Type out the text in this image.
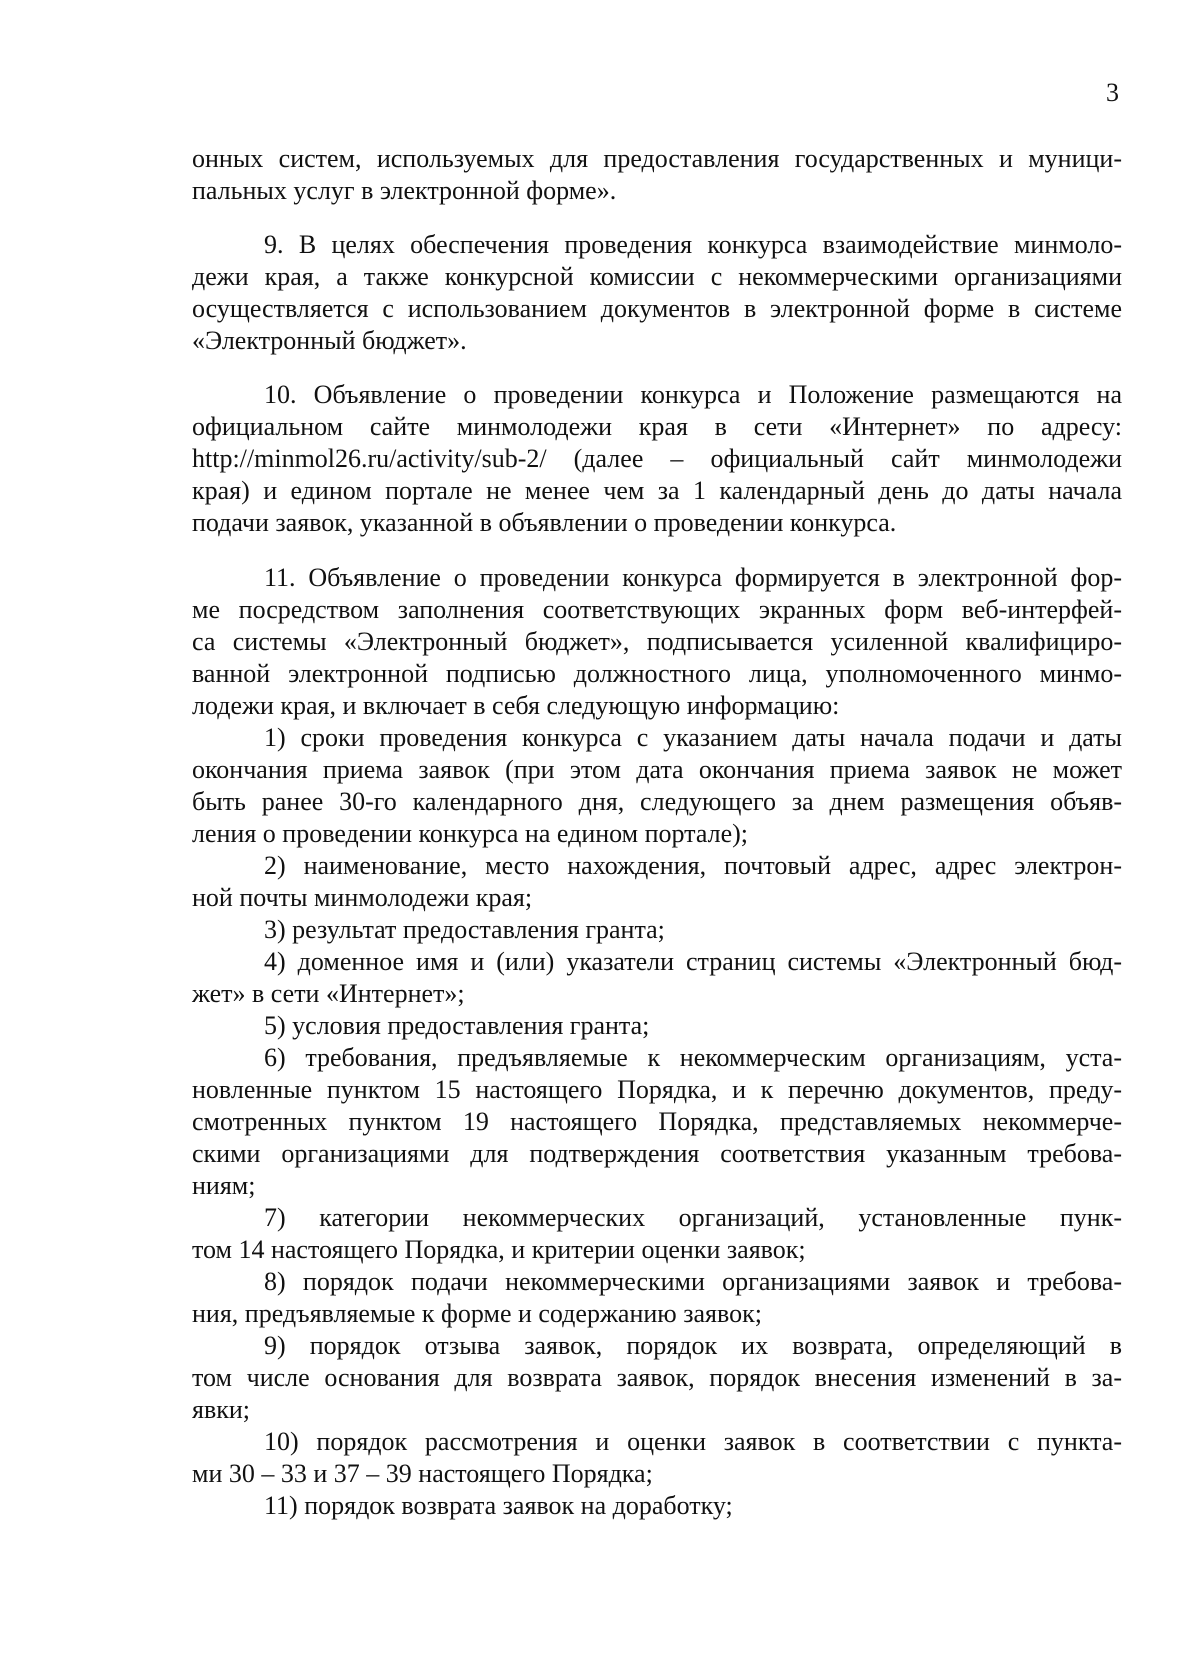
3
онных систем, используемых для предоставления государственных и муници-
пальных услуг в электронной форме».
9. В целях обеспечения проведения конкурса взаимодействие минмоло-
дежи края, а также конкурсной комиссии с некоммерческими организациями
осуществляется с использованием документов в электронной форме в системе
«Электронный бюджет».
10. Объявление о проведении конкурса и Положение размещаются на
официальном сайте минмолодежи края в сети «Интернет» по адресу:
http://minmol26.ru/activity/sub-2/ (далее – официальный сайт минмолодежи
края) и едином портале не менее чем за 1 календарный день до даты начала
подачи заявок, указанной в объявлении о проведении конкурса.
11. Объявление о проведении конкурса формируется в электронной фор-
ме посредством заполнения соответствующих экранных форм веб-интерфей-
са системы «Электронный бюджет», подписывается усиленной квалифициро-
ванной электронной подписью должностного лица, уполномоченного минмо-
лодежи края, и включает в себя следующую информацию:
1) сроки проведения конкурса с указанием даты начала подачи и даты
окончания приема заявок (при этом дата окончания приема заявок не может
быть ранее 30-го календарного дня, следующего за днем размещения объяв-
ления о проведении конкурса на едином портале);
2) наименование, место нахождения, почтовый адрес, адрес электрон-
ной почты минмолодежи края;
3) результат предоставления гранта;
4) доменное имя и (или) указатели страниц системы «Электронный бюд-
жет» в сети «Интернет»;
5) условия предоставления гранта;
6) требования, предъявляемые к некоммерческим организациям, уста-
новленные пунктом 15 настоящего Порядка, и к перечню документов, преду-
смотренных пунктом 19 настоящего Порядка, представляемых некоммерче-
скими организациями для подтверждения соответствия указанным требова-
ниям;
7) категории некоммерческих организаций, установленные пунк-
том 14 настоящего Порядка, и критерии оценки заявок;
8) порядок подачи некоммерческими организациями заявок и требова-
ния, предъявляемые к форме и содержанию заявок;
9) порядок отзыва заявок, порядок их возврата, определяющий в
том числе основания для возврата заявок, порядок внесения изменений в за-
явки;
10) порядок рассмотрения и оценки заявок в соответствии с пункта-
ми 30 – 33 и 37 – 39 настоящего Порядка;
11) порядок возврата заявок на доработку;
